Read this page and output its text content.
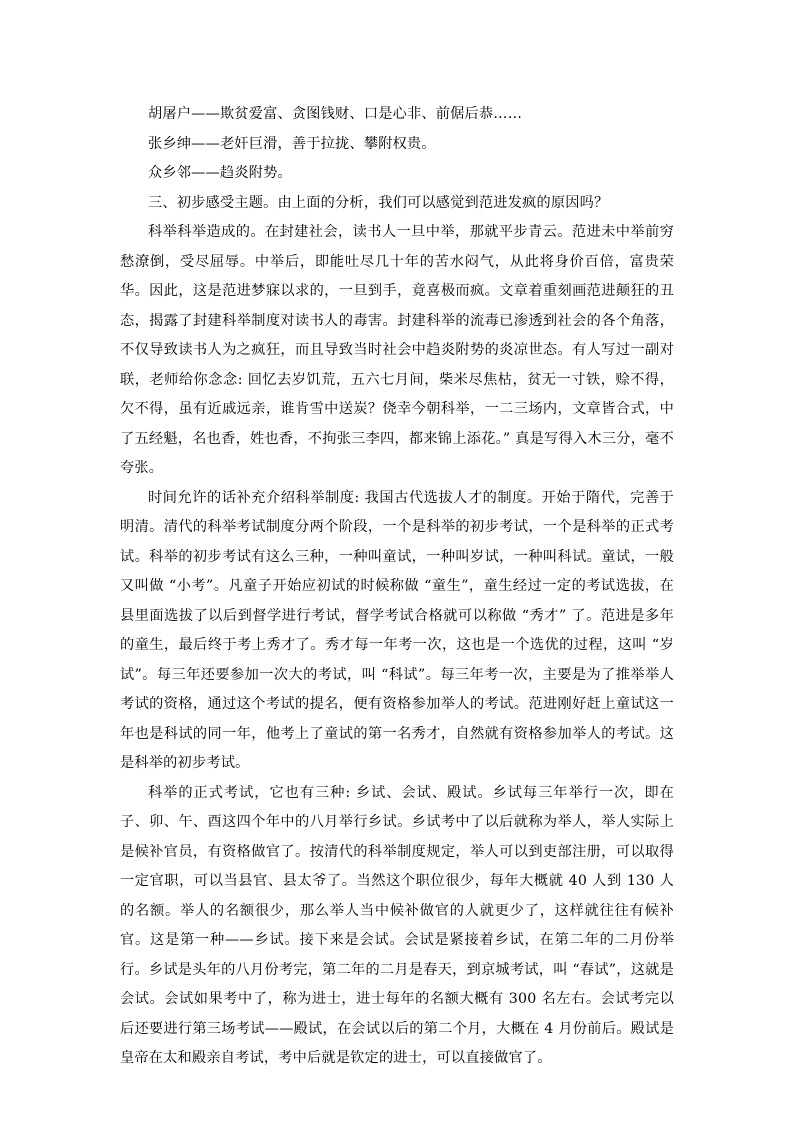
胡屠户——欺贫爱富、贪图钱财、口是心非、前倨后恭……

张乡绅——老奸巨滑，善于拉拢、攀附权贵。

众乡邻——趋炎附势。

三、初步感受主题。由上面的分析，我们可以感觉到范进发疯的原因吗？

科举科举造成的。在封建社会，读书人一旦中举，那就平步青云。范进未中举前穷愁潦倒，受尽屈辱。中举后，即能吐尽几十年的苦水闷气，从此将身价百倍，富贵荣华。因此，这是范进梦寐以求的，一旦到手，竟喜极而疯。文章着重刻画范进颠狂的丑态，揭露了封建科举制度对读书人的毒害。封建科举的流毒已渗透到社会的各个角落，不仅导致读书人为之疯狂，而且导致当时社会中趋炎附势的炎凉世态。有人写过一副对联，老师给你念念: 回忆去岁饥荒，五六七月间，柴米尽焦枯，贫无一寸铁，赊不得，欠不得，虽有近戚远亲，谁肯雪中送炭？侥幸今朝科举，一二三场内，文章皆合式，中了五经魁，名也香，姓也香，不拘张三李四，都来锦上添花。” 真是写得入木三分，毫不夸张。

时间允许的话补充介绍科举制度: 我国古代选拔人才的制度。开始于隋代，完善于明清。清代的科举考试制度分两个阶段，一个是科举的初步考试，一个是科举的正式考试。科举的初步考试有这么三种，一种叫童试，一种叫岁试，一种叫科试。童试，一般又叫做 “小考”。凡童子开始应初试的时候称做 “童生”，童生经过一定的考试选拔，在县里面选拔了以后到督学进行考试，督学考试合格就可以称做 “秀才” 了。范进是多年的童生，最后终于考上秀才了。秀才每一年考一次，这也是一个选优的过程，这叫 “岁试”。每三年还要参加一次大的考试，叫 “科试”。每三年考一次，主要是为了推举举人考试的资格，通过这个考试的提名，便有资格参加举人的考试。范进刚好赶上童试这一年也是科试的同一年，他考上了童试的第一名秀才，自然就有资格参加举人的考试。这是科举的初步考试。

科举的正式考试，它也有三种: 乡试、会试、殿试。乡试每三年举行一次，即在子、卯、午、酉这四个年中的八月举行乡试。乡试考中了以后就称为举人，举人实际上是候补官员，有资格做官了。按清代的科举制度规定，举人可以到吏部注册，可以取得一定官职，可以当县官、县太爷了。当然这个职位很少，每年大概就 40 人到 130 人的名额。举人的名额很少，那么举人当中候补做官的人就更少了，这样就往往有候补官。这是第一种——乡试。接下来是会试。会试是紧接着乡试，在第二年的二月份举行。乡试是头年的八月份考完，第二年的二月是春天，到京城考试，叫 “春试”，这就是会试。会试如果考中了，称为进士，进士每年的名额大概有 300 名左右。会试考完以后还要进行第三场考试——殿试，在会试以后的第二个月，大概在 4 月份前后。殿试是皇帝在太和殿亲自考试，考中后就是钦定的进士，可以直接做官了。
